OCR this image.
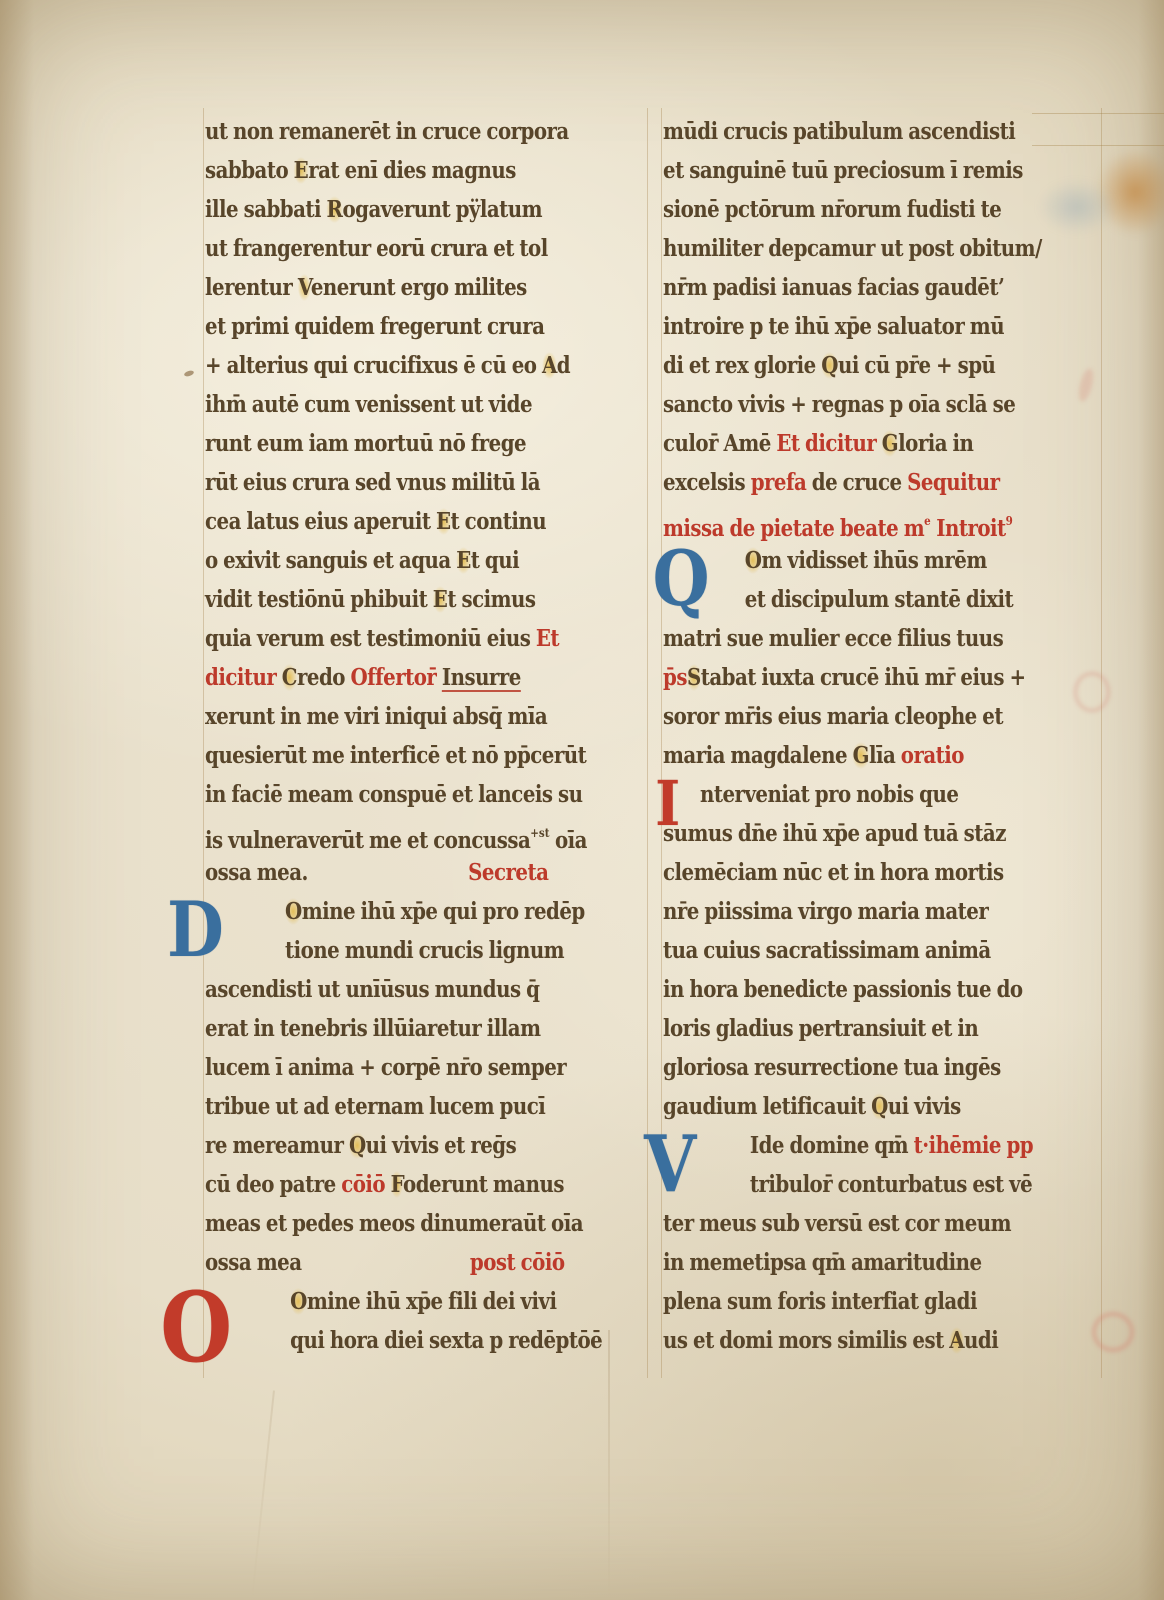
ut non remanerēt in cruce corpora
sabbato Erat enī dies magnus
ille sabbati Rogaverunt pÿlatum
ut frangerentur eorū crura et tol
lerentur Venerunt ergo milites
et primi quidem fregerunt crura
+ alterius qui crucifixus ē cū eo Ad
ihm̄ autē cum venissent ut vide
runt eum iam mortuū nō frege
rūt eius crura sed vnus militū lā
cea latus eius aperuit Et continu
o exivit sanguis et aqua Et qui
vidit testiōnū phibuit Et scimus
quia verum est testimoniū eius Et
dicitur Credo Offertor̄ Insurre
xerunt in me viri iniqui absq̄ mīa
quesierūt me interficē et nō pp̄cerūt
in faciē meam conspuē et lanceis su
is vulneraverūt me et concussa$^{+st}$ oīa
ossa mea.	Secreta
D	Omine ihū xp̄e qui pro redēp
tione mundi crucis lignum
ascendisti ut unīūsus mundus q̄
erat in tenebris illūiaretur illam
lucem ī anima + corpē nr̄o semper
tribue ut ad eternam lucem pucī
re mereamur Qui vivis et reḡs
cū deo patre cōiō Foderunt manus
meas et pedes meos dinumeraūt oīa
ossa mea	post cōiō
O	Omine ihū xp̄e fili dei vivi
qui hora diei sexta p redēptōē
mūdi crucis patibulum ascendisti
et sanguinē tuū preciosum ī remis
sionē pctōrum nr̄orum fudisti te
humiliter depcamur ut post obitum/
nr̄m padisi ianuas facias gaudēt’
introire p te ihū xp̄e saluator mū
di et rex glorie Qui cū pr̄e + spū
sancto vivis + regnas p oīa sclā se
culor̄ Amē Et dicitur Gloria in
excelsis prefa de cruce Sequitur
missa de pietate beate $m^e$ Introit$^9$
Q Om vidisset ihūs mrēm
et discipulum stantē dixit
matri sue mulier ecce filius tuus
p̄sStabat iuxta crucē ihū mr̄ eius +
soror mr̄is eius maria cleophe et
maria magdalene Glīa oratio
I nterveniat pro nobis que
sumus dn̄e ihū xp̄e apud tuā stāz
clemēciam nūc et in hora mortis
nr̄e piissima virgo maria mater
tua cuius sacratissimam animā
in hora benedicte passionis tue do
loris gladius pertransiuit et in
gloriosa resurrectione tua ingēs
gaudium letificauit Qui vivis
V Ide domine qm̄ t·ihēmie pp
tribulor̄ conturbatus est vē
ter meus sub versū est cor meum
in memetipsa qm̄ amaritudine
plena sum foris interfiat gladi
us et domi mors similis est Audi
